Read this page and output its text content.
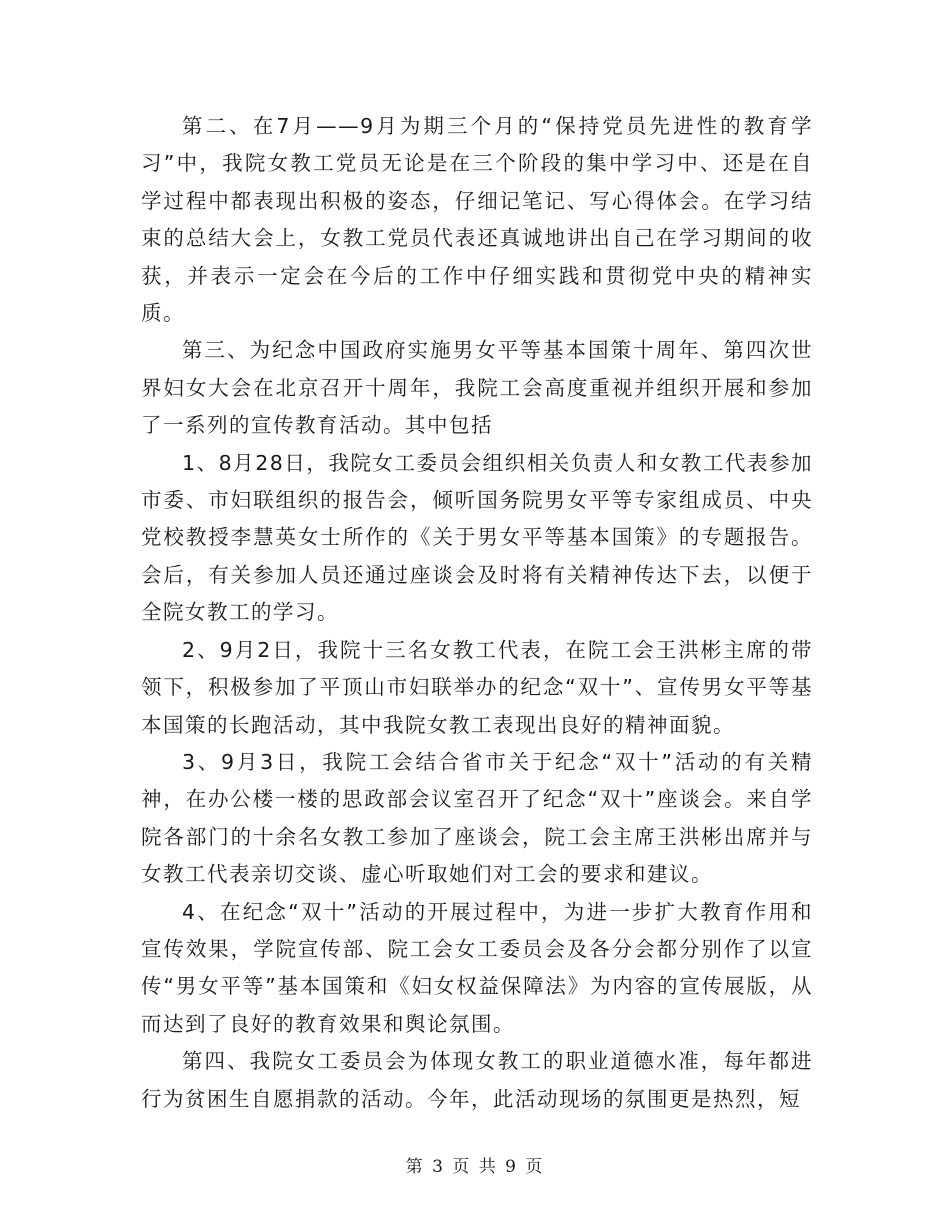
第二、在7月——9月为期三个月的“保持党员先进性的教育学习”中，我院女教工党员无论是在三个阶段的集中学习中、还是在自学过程中都表现出积极的姿态，仔细记笔记、写心得体会。在学习结束的总结大会上，女教工党员代表还真诚地讲出自己在学习期间的收获，并表示一定会在今后的工作中仔细实践和贯彻党中央的精神实质。

第三、为纪念中国政府实施男女平等基本国策十周年、第四次世界妇女大会在北京召开十周年，我院工会高度重视并组织开展和参加了一系列的宣传教育活动。其中包括

1、8月28日，我院女工委员会组织相关负责人和女教工代表参加市委、市妇联组织的报告会，倾听国务院男女平等专家组成员、中央党校教授李慧英女士所作的《关于男女平等基本国策》的专题报告。会后，有关参加人员还通过座谈会及时将有关精神传达下去，以便于全院女教工的学习。

2、9月2日，我院十三名女教工代表，在院工会王洪彬主席的带领下，积极参加了平顶山市妇联举办的纪念“双十”、宣传男女平等基本国策的长跑活动，其中我院女教工表现出良好的精神面貌。

3、9月3日，我院工会结合省市关于纪念“双十”活动的有关精神，在办公楼一楼的思政部会议室召开了纪念“双十”座谈会。来自学院各部门的十余名女教工参加了座谈会，院工会主席王洪彬出席并与女教工代表亲切交谈、虚心听取她们对工会的要求和建议。

4、在纪念“双十”活动的开展过程中，为进一步扩大教育作用和宣传效果，学院宣传部、院工会女工委员会及各分会都分别作了以宣传“男女平等”基本国策和《妇女权益保障法》为内容的宣传展版，从而达到了良好的教育效果和舆论氛围。

第四、我院女工委员会为体现女教工的职业道德水准，每年都进行为贫困生自愿捐款的活动。今年，此活动现场的氛围更是热烈，短

第 3 页 共 9 页
